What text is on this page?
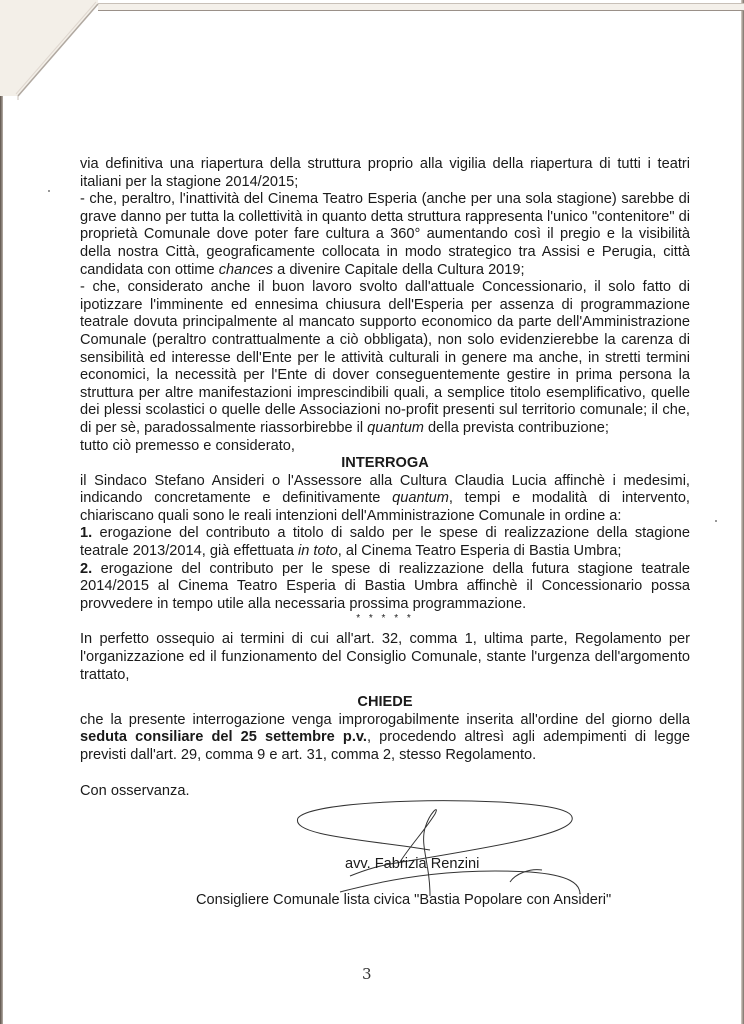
via definitiva una riapertura della struttura proprio alla vigilia della riapertura di tutti i teatri italiani per la stagione 2014/2015;

- che, peraltro, l'inattività del Cinema Teatro Esperia (anche per una sola stagione) sarebbe di grave danno per tutta la collettività in quanto detta struttura rappresenta l'unico "contenitore" di proprietà Comunale dove poter fare cultura a 360° aumentando così il pregio e la visibilità della nostra Città, geograficamente collocata in modo strategico tra Assisi e Perugia, città candidata con ottime chances a divenire Capitale della Cultura 2019;

- che, considerato anche il buon lavoro svolto dall'attuale Concessionario, il solo fatto di ipotizzare l'imminente ed ennesima chiusura dell'Esperia per assenza di programmazione teatrale dovuta principalmente al mancato supporto economico da parte dell'Amministrazione Comunale (peraltro contrattualmente a ciò obbligata), non solo evidenzierebbe la carenza di sensibilità ed interesse dell'Ente per le attività culturali in genere ma anche, in stretti termini economici, la necessità per l'Ente di dover conseguentemente gestire in prima persona la struttura per altre manifestazioni imprescindibili quali, a semplice titolo esemplificativo, quelle dei plessi scolastici o quelle delle Associazioni no-profit presenti sul territorio comunale; il che, di per sè, paradossalmente riassorbirebbe il quantum della prevista contribuzione;

tutto ciò premesso e considerato,

INTERROGA

il Sindaco Stefano Ansideri o l'Assessore alla Cultura Claudia Lucia affinchè i medesimi, indicando concretamente e definitivamente quantum, tempi e modalità di intervento, chiariscano quali sono le reali intenzioni dell'Amministrazione Comunale in ordine a:

1. erogazione del contributo a titolo di saldo per le spese di realizzazione della stagione teatrale 2013/2014, già effettuata in toto, al Cinema Teatro Esperia di Bastia Umbra;

2. erogazione del contributo per le spese di realizzazione della futura stagione teatrale 2014/2015 al Cinema Teatro Esperia di Bastia Umbra affinchè il Concessionario possa provvedere in tempo utile alla necessaria prossima programmazione.

* * * * *

In perfetto ossequio ai termini di cui all'art. 32, comma 1, ultima parte, Regolamento per l'organizzazione ed il funzionamento del Consiglio Comunale, stante l'urgenza dell'argomento trattato,

CHIEDE

che la presente interrogazione venga improrogabilmente inserita all'ordine del giorno della seduta consiliare del 25 settembre p.v., procedendo altresì agli adempimenti di legge previsti dall'art. 29, comma 9 e art. 31, comma 2, stesso Regolamento.

Con osservanza.

avv. Fabrizia Renzini

Consigliere Comunale lista civica "Bastia Popolare con Ansideri"

3
